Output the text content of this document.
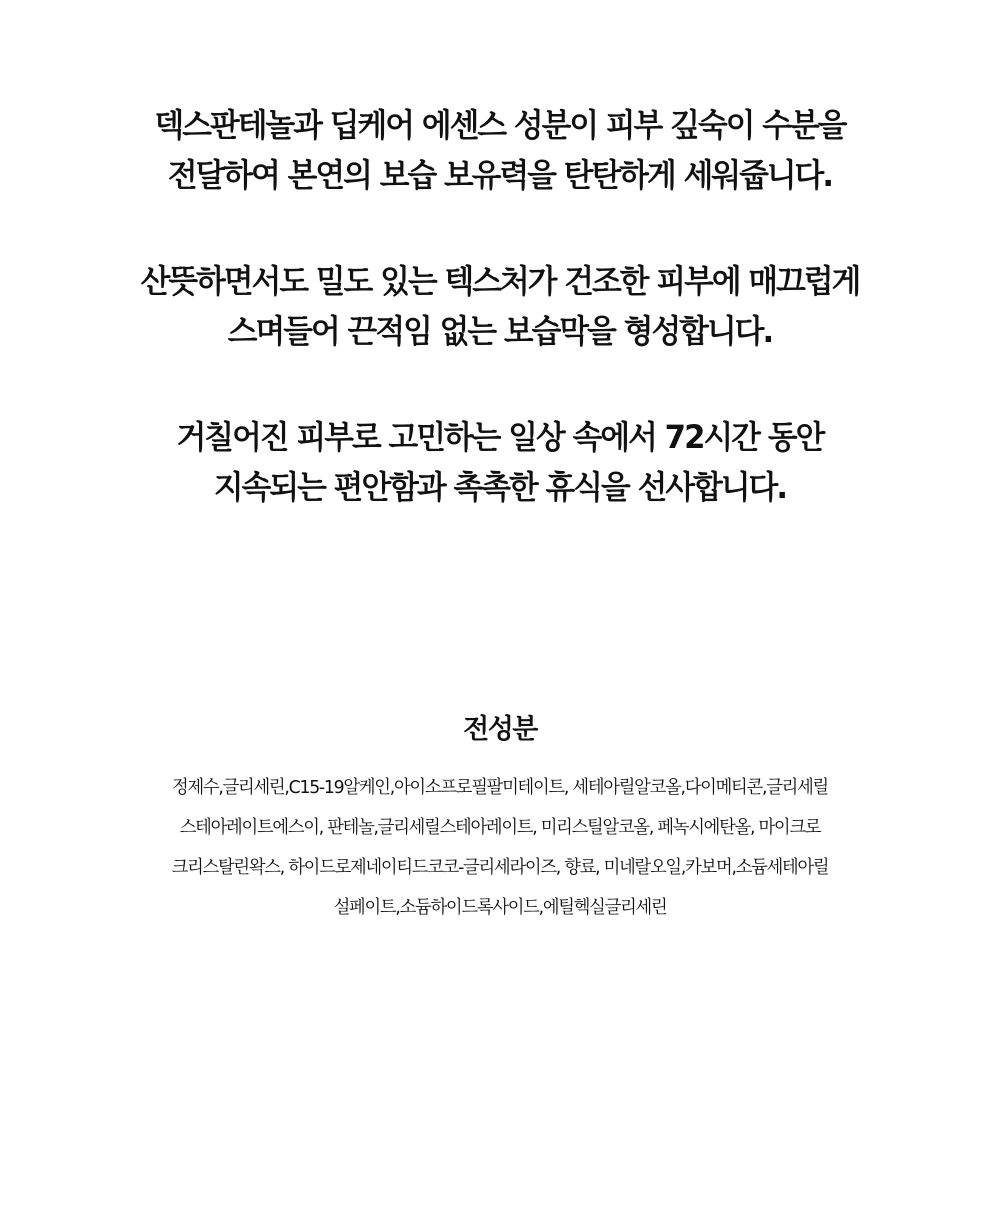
덱스판테놀과 딥케어 에센스 성분이 피부 깊숙이 수분을
전달하여 본연의 보습 보유력을 탄탄하게 세워줍니다.
산뜻하면서도 밀도 있는 텍스처가 건조한 피부에 매끄럽게
스며들어 끈적임 없는 보습막을 형성합니다.
거칠어진 피부로 고민하는 일상 속에서 72시간 동안
지속되는 편안함과 촉촉한 휴식을 선사합니다.
전성분
정제수,글리세린,C15-19알케인,아이소프로필팔미테이트, 세테아릴알코올,다이메티콘,글리세릴
스테아레이트에스이, 판테놀,글리세릴스테아레이트, 미리스틸알코올, 페녹시에탄올, 마이크로
크리스탈린왁스, 하이드로제네이티드코코-글리세라이즈, 향료, 미네랄오일,카보머,소듐세테아릴
설페이트,소듐하이드록사이드,에틸헥실글리세린
